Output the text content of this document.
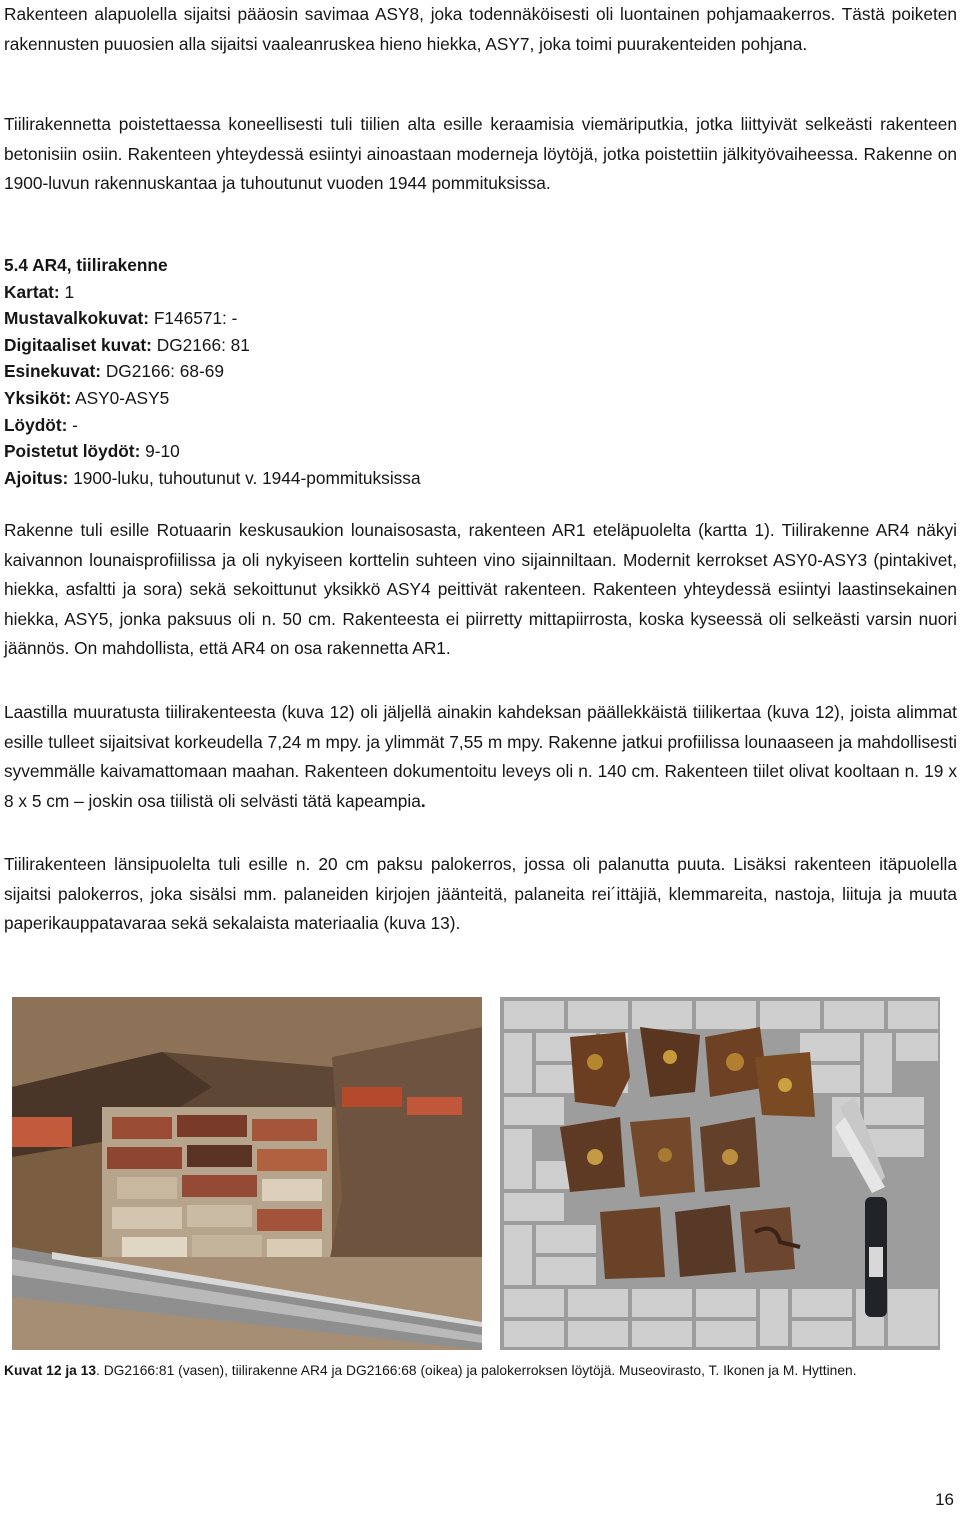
Rakenteen alapuolella sijaitsi pääosin savimaa ASY8, joka todennäköisesti oli luontainen pohjamaakerros. Tästä poiketen rakennusten puuosien alla sijaitsi vaaleanruskea hieno hiekka, ASY7, joka toimi puurakenteiden pohjana.

Tiilirakennetta poistettaessa koneellisesti tuli tiilien alta esille keraamisia viemäriputkia, jotka liittyivät selkeästi rakenteen betonisiin osiin. Rakenteen yhteydessä esiintyi ainoastaan moderneja löytöjä, jotka poistettiin jälkityövaiheessa. Rakenne on 1900-luvun rakennuskantaa ja tuhoutunut vuoden 1944 pommituksissa.

5.4 AR4, tiilirakenne
Kartat: 1
Mustavalkokuvat: F146571: -
Digitaaliset kuvat: DG2166: 81
Esinekuvat: DG2166: 68-69
Yksiköt: ASY0-ASY5
Löydöt: -
Poistetut löydöt: 9-10
Ajoitus: 1900-luku, tuhoutunut v. 1944-pommituksissa

Rakenne tuli esille Rotuaarin keskusaukion lounaisosasta, rakenteen AR1 eteläpuolelta (kartta 1). Tiilirakenne AR4 näkyi kaivannon lounaisprofiilissa ja oli nykyiseen korttelin suhteen vino sijainniltaan. Modernit kerrokset ASY0-ASY3 (pintakivet, hiekka, asfaltti ja sora) sekä sekoittunut yksikkö ASY4 peittivät rakenteen. Rakenteen yhteydessä esiintyi laastinsekainen hiekka, ASY5, jonka paksuus oli n. 50 cm. Rakenteesta ei piirretty mittapiirrosta, koska kyseessä oli selkeästi varsin nuori jäännös. On mahdollista, että AR4 on osa rakennetta AR1.

Laastilla muuratusta tiilirakenteesta (kuva 12) oli jäljellä ainakin kahdeksan päällekkäistä tiilikertaa (kuva 12), joista alimmat esille tulleet sijaitsivat korkeudella 7,24 m mpy. ja ylimmät 7,55 m mpy. Rakenne jatkui profiilissa lounaaseen ja mahdollisesti syvemmälle kaivamattomaan maahan. Rakenteen dokumentoitu leveys oli n. 140 cm. Rakenteen tiilet olivat kooltaan n. 19 x 8 x 5 cm – joskin osa tiilistä oli selvästi tätä kapeampia.

Tiilirakenteen länsipuolelta tuli esille n. 20 cm paksu palokerros, jossa oli palanutta puuta. Lisäksi rakenteen itäpuolella sijaitsi palokerros, joka sisälsi mm. palaneiden kirjojen jäänteitä, palaneita rei´ittäjiä, klemmareita, nastoja, liituja ja muuta paperikauppatavaraa sekä sekalaista materiaalia (kuva 13).

Kuvat 12 ja 13. DG2166:81 (vasen), tiilirakenne AR4 ja DG2166:68 (oikea) ja palokerroksen löytöjä. Museovirasto, T. Ikonen ja M. Hyttinen.
16
